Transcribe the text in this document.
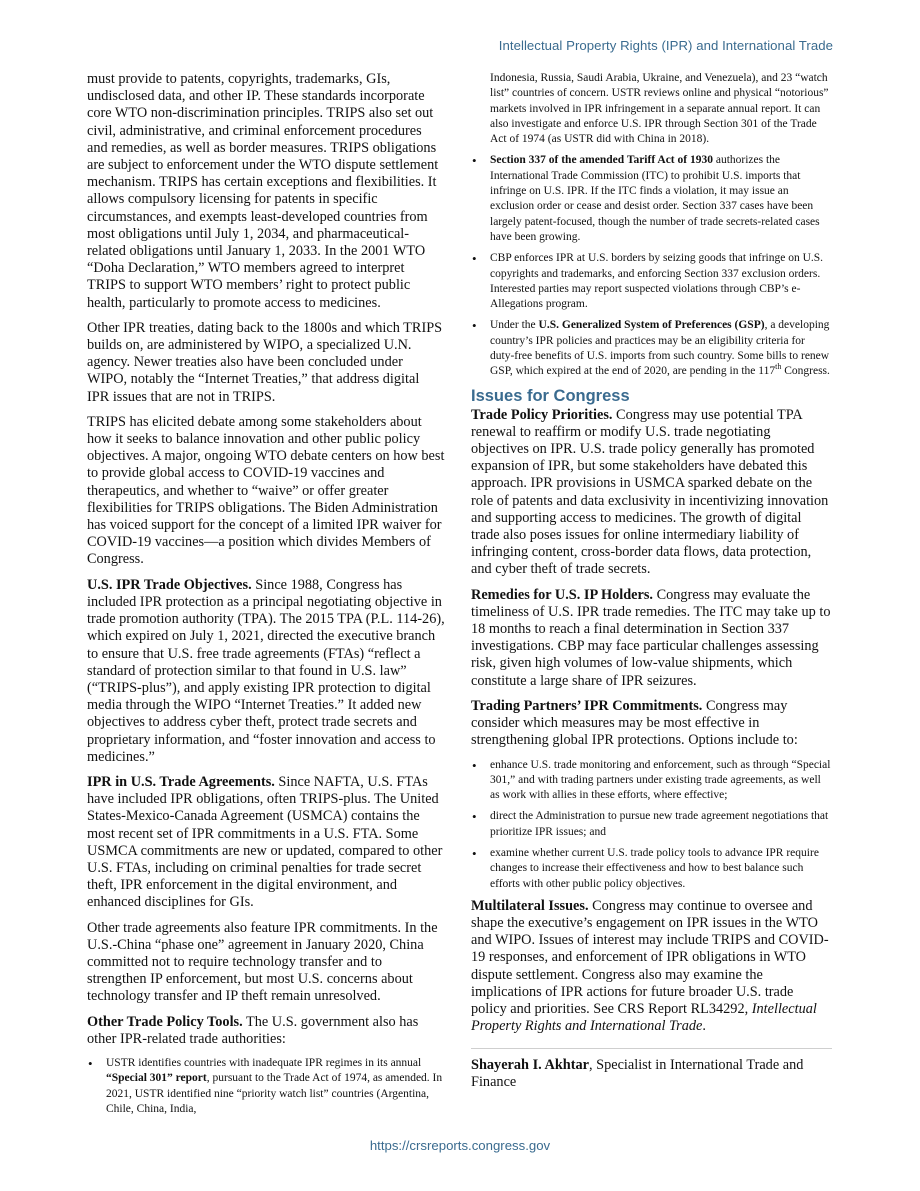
Intellectual Property Rights (IPR) and International Trade

must provide to patents, copyrights, trademarks, GIs, undisclosed data, and other IP. These standards incorporate core WTO non-discrimination principles. TRIPS also set out civil, administrative, and criminal enforcement procedures and remedies, as well as border measures. TRIPS obligations are subject to enforcement under the WTO dispute settlement mechanism. TRIPS has certain exceptions and flexibilities. It allows compulsory licensing for patents in specific circumstances, and exempts least-developed countries from most obligations until July 1, 2034, and pharmaceutical-related obligations until January 1, 2033. In the 2001 WTO “Doha Declaration,” WTO members agreed to interpret TRIPS to support WTO members’ right to protect public health, particularly to promote access to medicines.

Other IPR treaties, dating back to the 1800s and which TRIPS builds on, are administered by WIPO, a specialized U.N. agency. Newer treaties also have been concluded under WIPO, notably the “Internet Treaties,” that address digital IPR issues that are not in TRIPS.

TRIPS has elicited debate among some stakeholders about how it seeks to balance innovation and other public policy objectives. A major, ongoing WTO debate centers on how best to provide global access to COVID-19 vaccines and therapeutics, and whether to “waive” or offer greater flexibilities for TRIPS obligations. The Biden Administration has voiced support for the concept of a limited IPR waiver for COVID-19 vaccines—a position which divides Members of Congress.

U.S. IPR Trade Objectives. Since 1988, Congress has included IPR protection as a principal negotiating objective in trade promotion authority (TPA). The 2015 TPA (P.L. 114-26), which expired on July 1, 2021, directed the executive branch to ensure that U.S. free trade agreements (FTAs) “reflect a standard of protection similar to that found in U.S. law” (“TRIPS-plus”), and apply existing IPR protection to digital media through the WIPO “Internet Treaties.” It added new objectives to address cyber theft, protect trade secrets and proprietary information, and “foster innovation and access to medicines.”

IPR in U.S. Trade Agreements. Since NAFTA, U.S. FTAs have included IPR obligations, often TRIPS-plus. The United States-Mexico-Canada Agreement (USMCA) contains the most recent set of IPR commitments in a U.S. FTA. Some USMCA commitments are new or updated, compared to other U.S. FTAs, including on criminal penalties for trade secret theft, IPR enforcement in the digital environment, and enhanced disciplines for GIs.

Other trade agreements also feature IPR commitments. In the U.S.-China “phase one” agreement in January 2020, China committed not to require technology transfer and to strengthen IP enforcement, but most U.S. concerns about technology transfer and IP theft remain unresolved.

Other Trade Policy Tools. The U.S. government also has other IPR-related trade authorities:

• USTR identifies countries with inadequate IPR regimes in its annual “Special 301” report, pursuant to the Trade Act of 1974, as amended. In 2021, USTR identified nine “priority watch list” countries (Argentina, Chile, China, India,
Indonesia, Russia, Saudi Arabia, Ukraine, and Venezuela), and 23 “watch list” countries of concern. USTR reviews online and physical “notorious” markets involved in IPR infringement in a separate annual report. It can also investigate and enforce U.S. IPR through Section 301 of the Trade Act of 1974 (as USTR did with China in 2018).
• Section 337 of the amended Tariff Act of 1930 authorizes the International Trade Commission (ITC) to prohibit U.S. imports that infringe on U.S. IPR. If the ITC finds a violation, it may issue an exclusion order or cease and desist order. Section 337 cases have been largely patent-focused, though the number of trade secrets-related cases have been growing.
• CBP enforces IPR at U.S. borders by seizing goods that infringe on U.S. copyrights and trademarks, and enforcing Section 337 exclusion orders. Interested parties may report suspected violations through CBP’s e-Allegations program.
• Under the U.S. Generalized System of Preferences (GSP), a developing country’s IPR policies and practices may be an eligibility criteria for duty-free benefits of U.S. imports from such country. Some bills to renew GSP, which expired at the end of 2020, are pending in the 117th Congress.
Issues for Congress

Trade Policy Priorities. Congress may use potential TPA renewal to reaffirm or modify U.S. trade negotiating objectives on IPR. U.S. trade policy generally has promoted expansion of IPR, but some stakeholders have debated this approach. IPR provisions in USMCA sparked debate on the role of patents and data exclusivity in incentivizing innovation and supporting access to medicines. The growth of digital trade also poses issues for online intermediary liability of infringing content, cross-border data flows, data protection, and cyber theft of trade secrets.

Remedies for U.S. IP Holders. Congress may evaluate the timeliness of U.S. IPR trade remedies. The ITC may take up to 18 months to reach a final determination in Section 337 investigations. CBP may face particular challenges assessing risk, given high volumes of low-value shipments, which constitute a large share of IPR seizures.

Trading Partners’ IPR Commitments. Congress may consider which measures may be most effective in strengthening global IPR protections. Options include to:

• enhance U.S. trade monitoring and enforcement, such as through “Special 301,” and with trading partners under existing trade agreements, as well as work with allies in these efforts, where effective;
• direct the Administration to pursue new trade agreement negotiations that prioritize IPR issues; and
• examine whether current U.S. trade policy tools to advance IPR require changes to increase their effectiveness and how to best balance such efforts with other public policy objectives.

Multilateral Issues. Congress may continue to oversee and shape the executive’s engagement on IPR issues in the WTO and WIPO. Issues of interest may include TRIPS and COVID-19 responses, and enforcement of IPR obligations in WTO dispute settlement. Congress also may examine the implications of IPR actions for future broader U.S. trade policy and priorities. See CRS Report RL34292, Intellectual Property Rights and International Trade.

Shayerah I. Akhtar, Specialist in International Trade and Finance

https://crsreports.congress.gov
